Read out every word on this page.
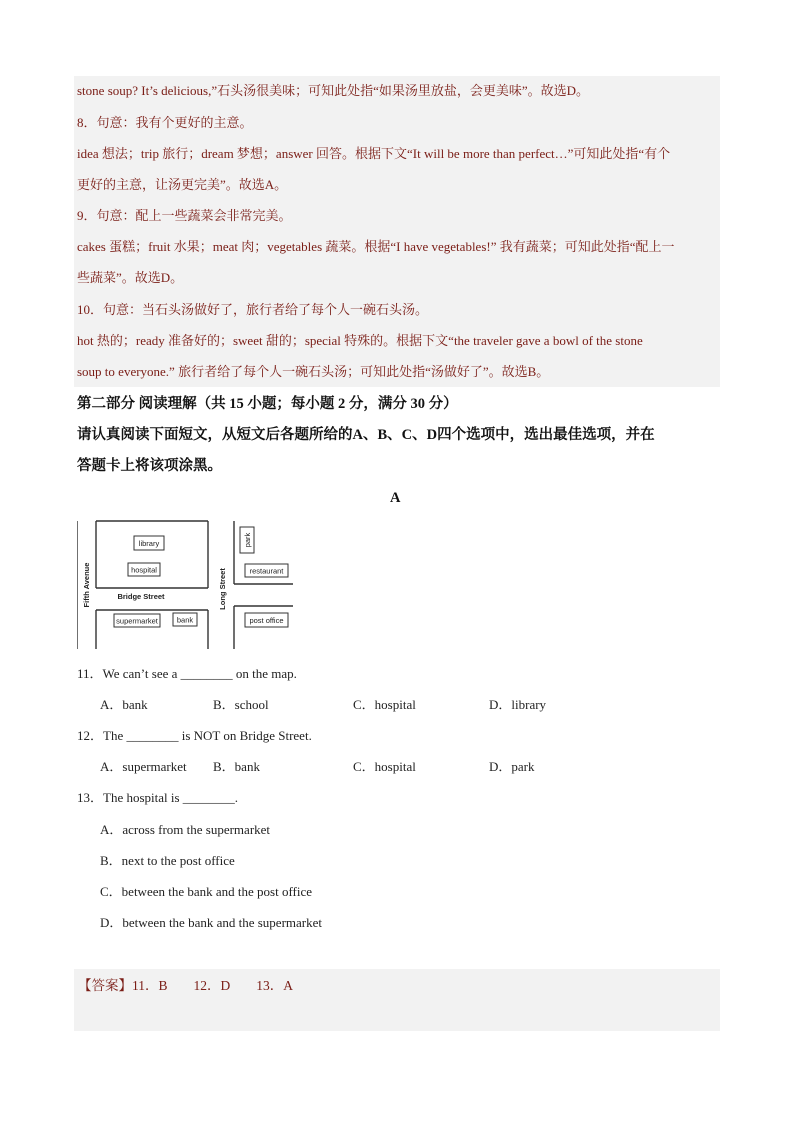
stone soup? It’s delicious,”石头汤很美味；可知此处指“如果汤里放盐，会更美味”。故选D。
8．句意：我有个更好的主意。
idea 想法；trip 旅行；dream 梦想；answer 回答。根据下文“It will be more than perfect…”可知此处指“有个
更好的主意，让汤更完美”。故选A。
9．句意：配上一些蔬菜会非常完美。
cakes 蛋糕；fruit 水果；meat 肉；vegetables 蔬菜。根据“I have vegetables!” 我有蔬菜；可知此处指“配上一
些蔬菜”。故选D。
10．句意：当石头汤做好了，旅行者给了每个人一碗石头汤。
hot 热的；ready 准备好的；sweet 甜的；special 特殊的。根据下文“the traveler gave a bowl of the stone
soup to everyone.” 旅行者给了每个人一碗石头汤；可知此处指“汤做好了”。故选B。
第二部分 阅读理解（共 15 小题；每小题 2 分，满分 30 分）
请认真阅读下面短文，从短文后各题所给的A、B、C、D四个选项中，选出最佳选项，并在
答题卡上将该项涂黑。
A
library
hospital
park
restaurant
supermarket	bank	post office
Bridge Street
Fifth Avenue	Long Street
11．We can’t see a ________ on the map.
A．bank	B．school	C．hospital	D．library
12．The ________ is NOT on Bridge Street.
A．supermarket B．bank	C．hospital	D．park
13．The hospital is ________.
A．across from the supermarket
B．next to the post office
C．between the bank and the post office
D．between the bank and the supermarket
【答案】11．B 12．D 13．A
